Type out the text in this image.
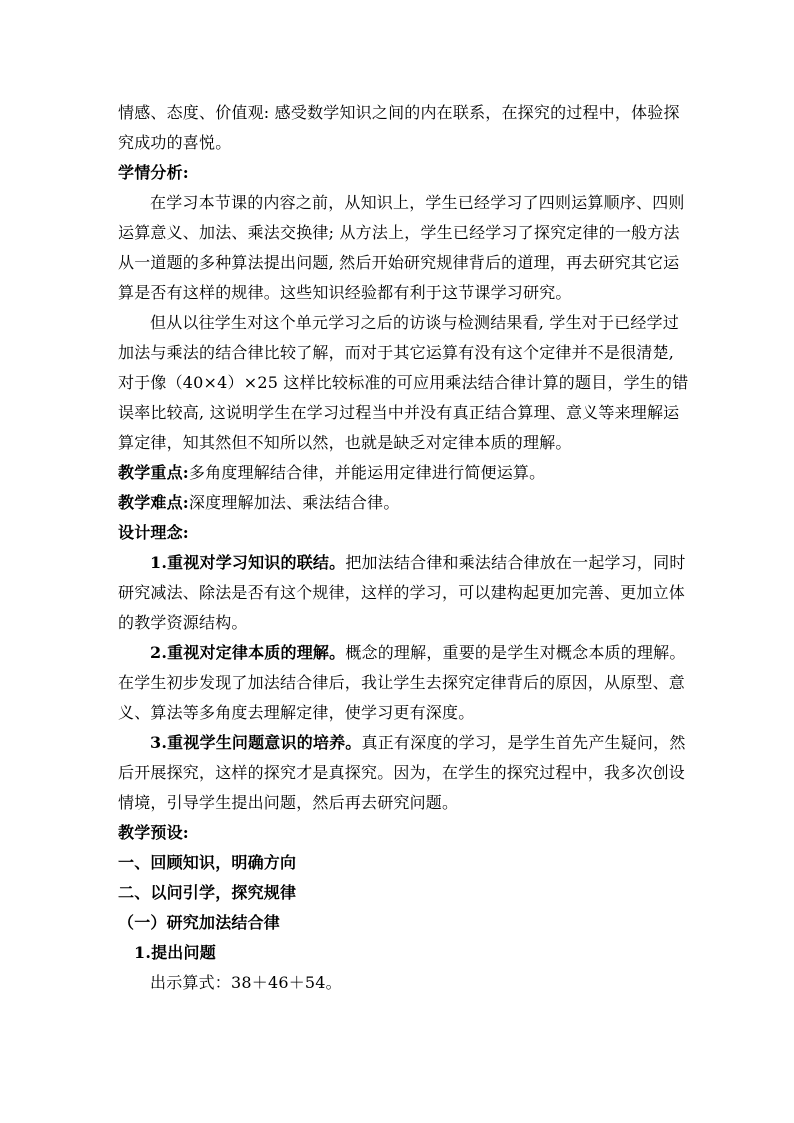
情感、态度、价值观: 感受数学知识之间的内在联系，在探究的过程中，体验探
究成功的喜悦。
学情分析:
在学习本节课的内容之前，从知识上，学生已经学习了四则运算顺序、四则
运算意义、加法、乘法交换律; 从方法上，学生已经学习了探究定律的一般方法
从一道题的多种算法提出问题, 然后开始研究规律背后的道理，再去研究其它运
算是否有这样的规律。这些知识经验都有利于这节课学习研究。
但从以往学生对这个单元学习之后的访谈与检测结果看, 学生对于已经学过
加法与乘法的结合律比较了解，而对于其它运算有没有这个定律并不是很清楚,
对于像（40×4）×25 这样比较标准的可应用乘法结合律计算的题目，学生的错
误率比较高, 这说明学生在学习过程当中并没有真正结合算理、意义等来理解运
算定律，知其然但不知所以然，也就是缺乏对定律本质的理解。
教学重点:多角度理解结合律，并能运用定律进行简便运算。
教学难点:深度理解加法、乘法结合律。
设计理念:
1.重视对学习知识的联结。把加法结合律和乘法结合律放在一起学习，同时
研究减法、除法是否有这个规律，这样的学习，可以建构起更加完善、更加立体
的教学资源结构。
2.重视对定律本质的理解。概念的理解，重要的是学生对概念本质的理解。
在学生初步发现了加法结合律后，我让学生去探究定律背后的原因，从原型、意
义、算法等多角度去理解定律，使学习更有深度。
3.重视学生问题意识的培养。真正有深度的学习，是学生首先产生疑问，然
后开展探究，这样的探究才是真探究。因为，在学生的探究过程中，我多次创设
情境，引导学生提出问题，然后再去研究问题。
教学预设:
一、回顾知识，明确方向
二、以问引学，探究规律
（一）研究加法结合律
1.提出问题
出示算式：38＋46＋54。
